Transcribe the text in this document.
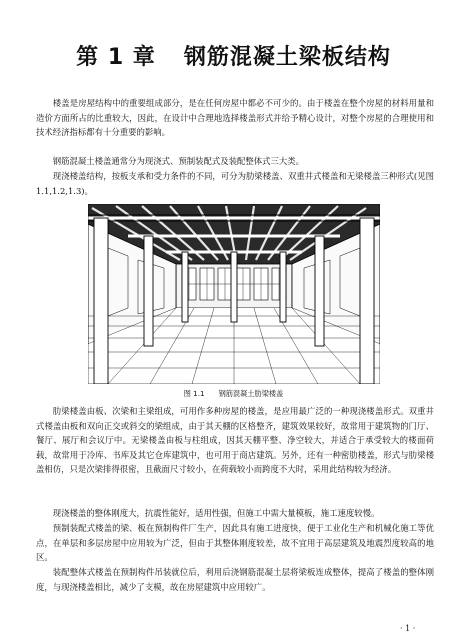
第 1 章 钢筋混凝土梁板结构

楼盖是房屋结构中的重要组成部分，是在任何房屋中都必不可少的。由于楼盖在整个房屋的材料用量和造价方面所占的比重较大，因此，在设计中合理地选择楼盖形式并给予精心设计，对整个房屋的合理使用和技术经济指标都有十分重要的影响。

钢筋混凝土楼盖通常分为现浇式、预制装配式及装配整体式三大类。

现浇楼盖结构，按板支承和受力条件的不同，可分为肋梁楼盖、双重井式楼盖和无梁楼盖三种形式(见图 1.1,1.2,1.3)。

图 1.1 钢筋混凝土肋梁楼盖

肋梁楼盖由板、次梁和主梁组成，可用作多种房屋的楼盖，是应用最广泛的一种现浇楼盖形式。双重井式楼盖由板和双向正交或斜交的梁组成，由于其天棚的区格整齐，建筑效果较好，故常用于建筑物的门厅、餐厅、展厅和会议厅中。无梁楼盖由板与柱组成，因其天棚平整、净空较大，并适合于承受较大的楼面荷载，故常用于冷库、书库及其它仓库建筑中，也可用于商店建筑。另外，还有一种密肋楼盖，形式与肋梁楼盖相仿，只是次梁排得很密，且截面尺寸较小，在荷载较小而跨度不大时，采用此结构较为经济。

现浇楼盖的整体刚度大，抗震性能好，适用性强，但施工中需大量模板，施工速度较慢。

预制装配式楼盖的梁、板在预制构件厂生产，因此具有施工进度快，便于工业化生产和机械化施工等优点，在单层和多层房屋中应用较为广泛，但由于其整体刚度较差，故不宜用于高层建筑及地震烈度较高的地区。

装配整体式楼盖在预制构件吊装就位后，利用后浇钢筋混凝土层将梁板连成整体，提高了楼盖的整体刚度，与现浇楼盖相比，减少了支模，故在房屋建筑中应用较广。

· 1 ·
